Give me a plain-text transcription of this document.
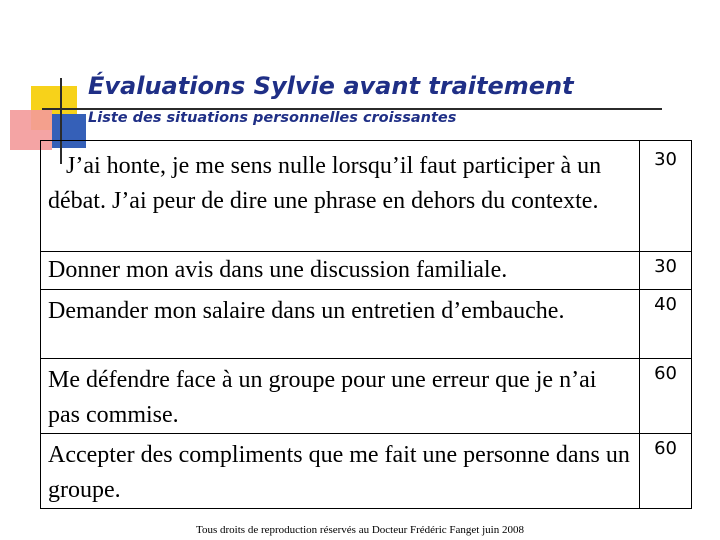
Évaluations Sylvie avant traitement
Liste des situations personnelles croissantes
J’ai honte, je me sens nulle lorsqu’il faut participer à un débat. J’ai peur de dire une phrase en dehors du contexte.	30
Donner mon avis dans une discussion familiale.	30
Demander mon salaire dans un entretien d’embauche.	40
Me défendre face à un groupe pour une erreur que je n’ai pas commise.	60
Accepter des compliments que me fait une personne dans un groupe.	60
Tous droits de reproduction réservés au Docteur Frédéric Fanget juin 2008
